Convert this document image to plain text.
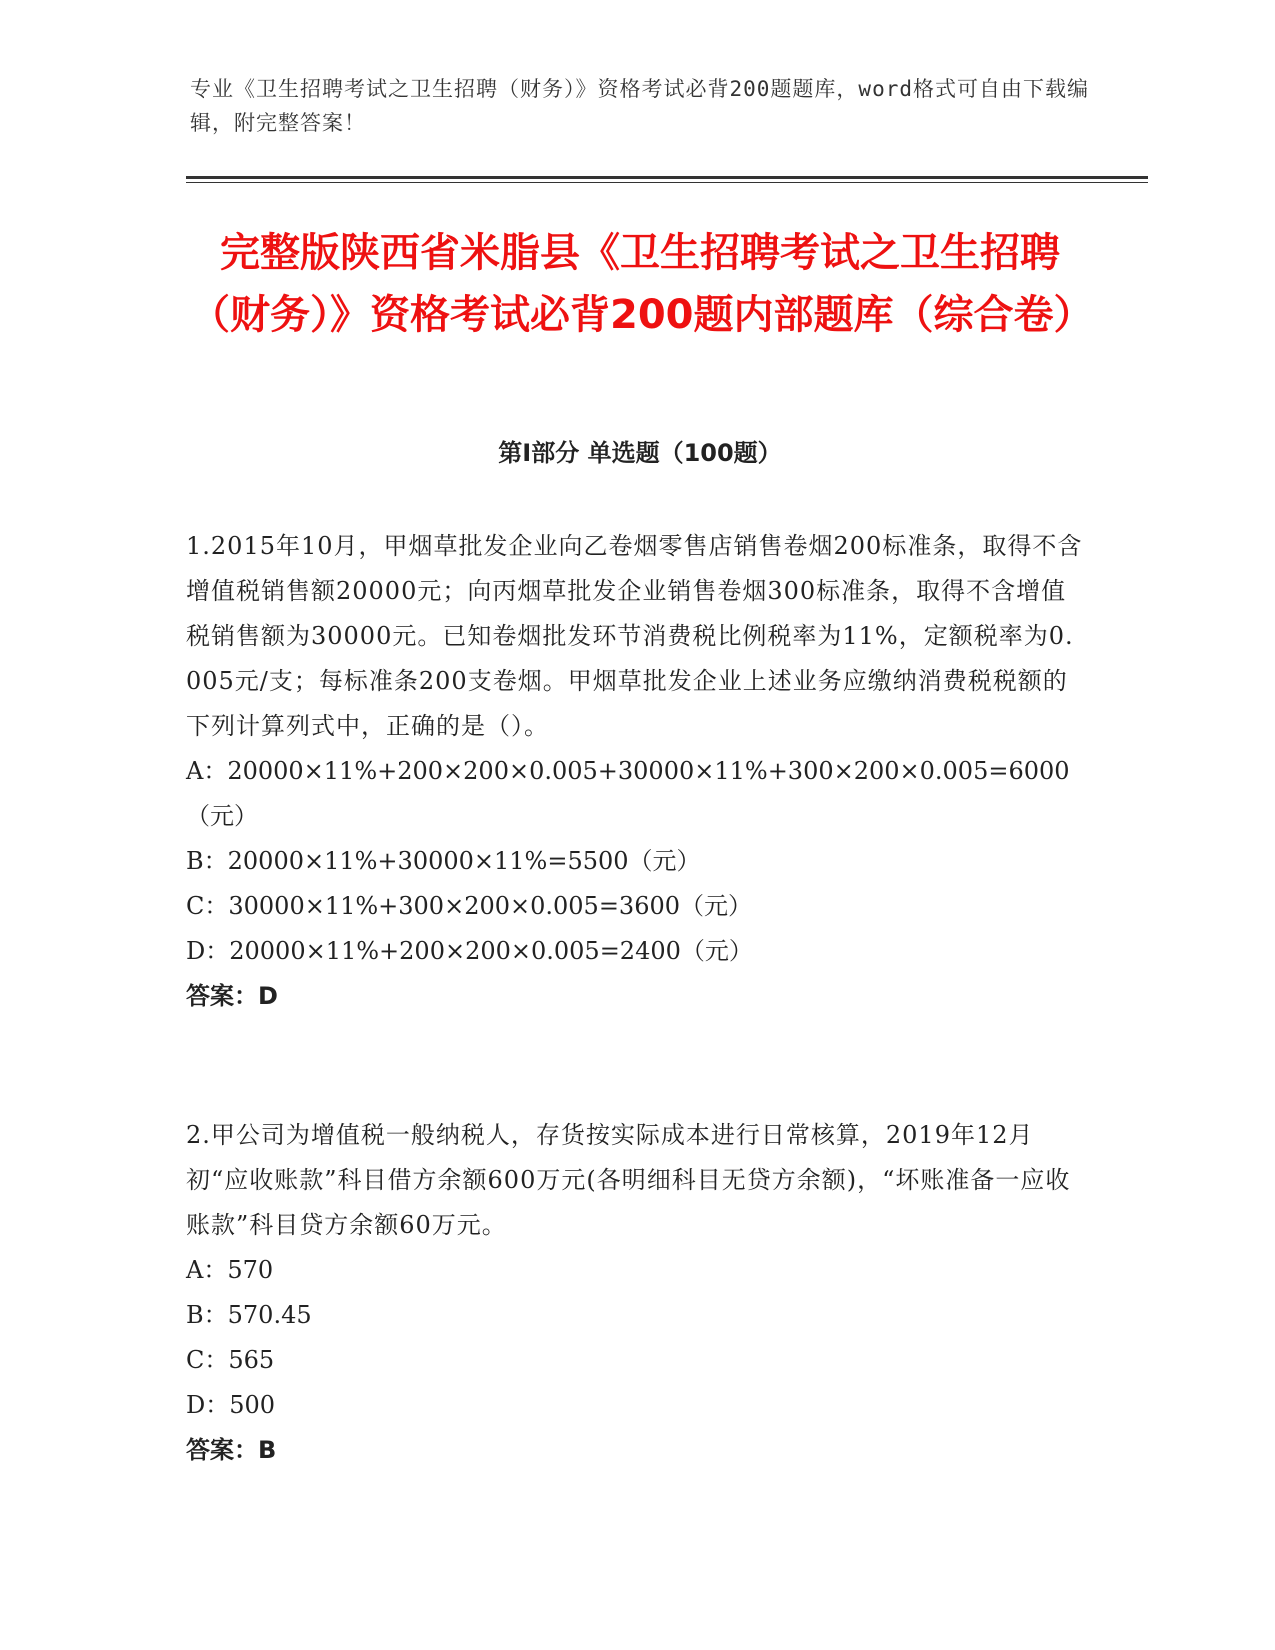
专业《卫生招聘考试之卫生招聘（财务）》资格考试必背200题题库，word格式可自由下载编辑，附完整答案！
完整版陕西省米脂县《卫生招聘考试之卫生招聘（财务）》资格考试必背200题内部题库（综合卷）
第I部分 单选题（100题）
1.2015年10月，甲烟草批发企业向乙卷烟零售店销售卷烟200标准条，取得不含增值税销售额20000元；向丙烟草批发企业销售卷烟300标准条，取得不含增值税销售额为30000元。已知卷烟批发环节消费税比例税率为11%，定额税率为0.005元/支；每标准条200支卷烟。甲烟草批发企业上述业务应缴纳消费税税额的下列计算列式中，正确的是（）。
A：20000×11%+200×200×0.005+30000×11%+300×200×0.005=6000（元）
B：20000×11%+30000×11%=5500（元）
C：30000×11%+300×200×0.005=3600（元）
D：20000×11%+200×200×0.005=2400（元）
答案：D
2.甲公司为增值税一般纳税人，存货按实际成本进行日常核算，2019年12月初“应收账款”科目借方余额600万元(各明细科目无贷方余额)，“坏账准备一应收账款”科目贷方余额60万元。
A：570
B：570.45
C：565
D：500
答案：B
